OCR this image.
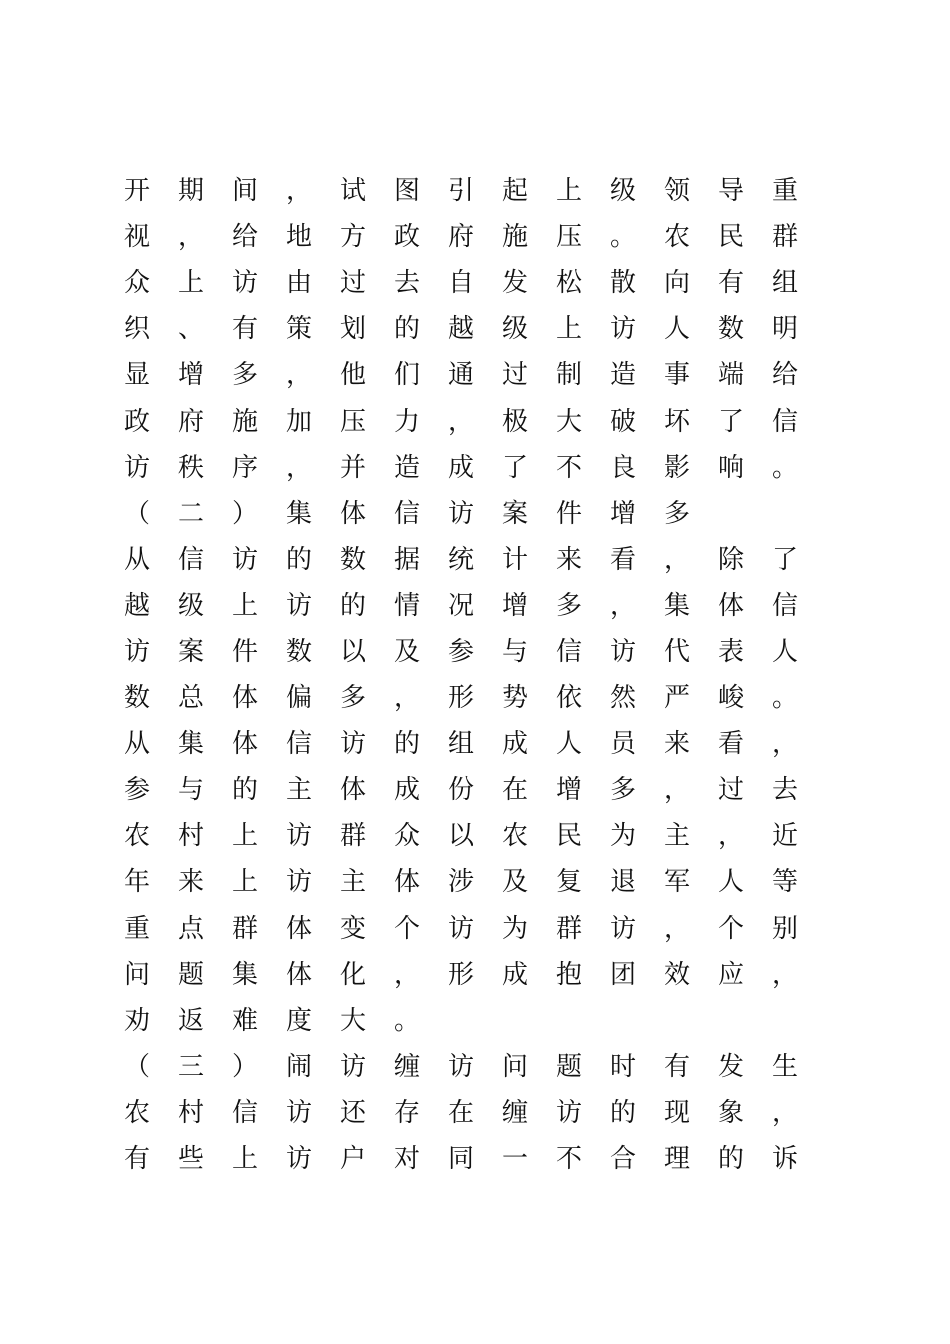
开	期	间	，	试	图	引	起	上	级	领	导	重
视	，	给	地	方	政	府	施	压	。	农	民	群
众	上	访	由	过	去	自	发	松	散	向	有	组
织	、	有	策	划	的	越	级	上	访	人	数	明
显	增	多	，	他	们	通	过	制	造	事	端	给
政	府	施	加	压	力	，	极	大	破	坏	了	信
访	秩	序	，	并	造	成	了	不	良	影	响	。
（	二	）	集	体	信	访	案	件	增	多
从	信	访	的	数	据	统	计	来	看	，	除	了
越	级	上	访	的	情	况	增	多	，	集	体	信
访	案	件	数	以	及	参	与	信	访	代	表	人
数	总	体	偏	多	，	形	势	依	然	严	峻	。
从	集	体	信	访	的	组	成	人	员	来	看	，
参	与	的	主	体	成	份	在	增	多	，	过	去
农	村	上	访	群	众	以	农	民	为	主	，	近
年	来	上	访	主	体	涉	及	复	退	军	人	等
重	点	群	体	变	个	访	为	群	访	，	个	别
问	题	集	体	化	，	形	成	抱	团	效	应	，
劝	返	难	度	大	。
（	三	）	闹	访	缠	访	问	题	时	有	发	生
农	村	信	访	还	存	在	缠	访	的	现	象	，
有	些	上	访	户	对	同	一	不	合	理	的	诉
